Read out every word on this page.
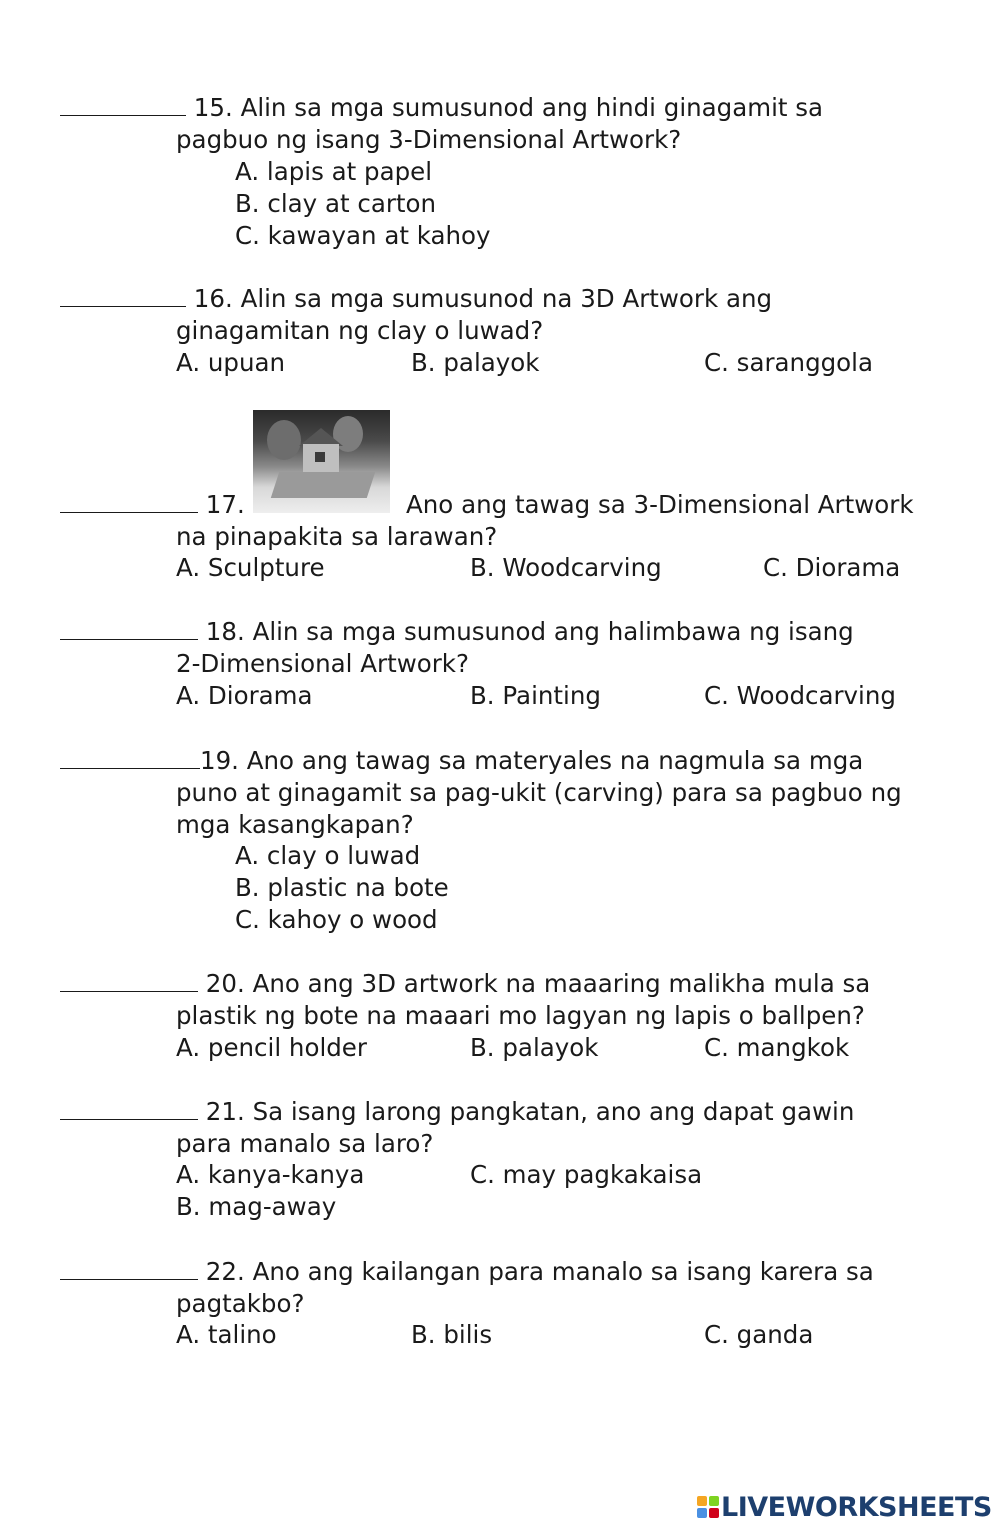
15. Alin sa mga sumusunod ang hindi ginagamit sa
pagbuo ng isang 3-Dimensional Artwork?
A. lapis at papel
B. clay at carton
C. kawayan at kahoy
16. Alin sa mga sumusunod na 3D Artwork ang
ginagamitan ng clay o luwad?
A. upuan	B. palayok	C. saranggola
17.	Ano ang tawag sa 3-Dimensional Artwork
na pinapakita sa larawan?
A. Sculpture	B. Woodcarving	C. Diorama
18. Alin sa mga sumusunod ang halimbawa ng isang
2-Dimensional Artwork?
A. Diorama	B. Painting	C. Woodcarving
19. Ano ang tawag sa materyales na nagmula sa mga
puno at ginagamit sa pag-ukit (carving) para sa pagbuo ng
mga kasangkapan?
A. clay o luwad
B. plastic na bote
C. kahoy o wood
20. Ano ang 3D artwork na maaaring malikha mula sa
plastik ng bote na maaari mo lagyan ng lapis o ballpen?
A. pencil holder	B. palayok	C. mangkok
21. Sa isang larong pangkatan, ano ang dapat gawin
para manalo sa laro?
A. kanya-kanya	C. may pagkakaisa
B. mag-away
22. Ano ang kailangan para manalo sa isang karera sa
pagtakbo?
A. talino	B. bilis	C. ganda
LIVEWORKSHEETS
